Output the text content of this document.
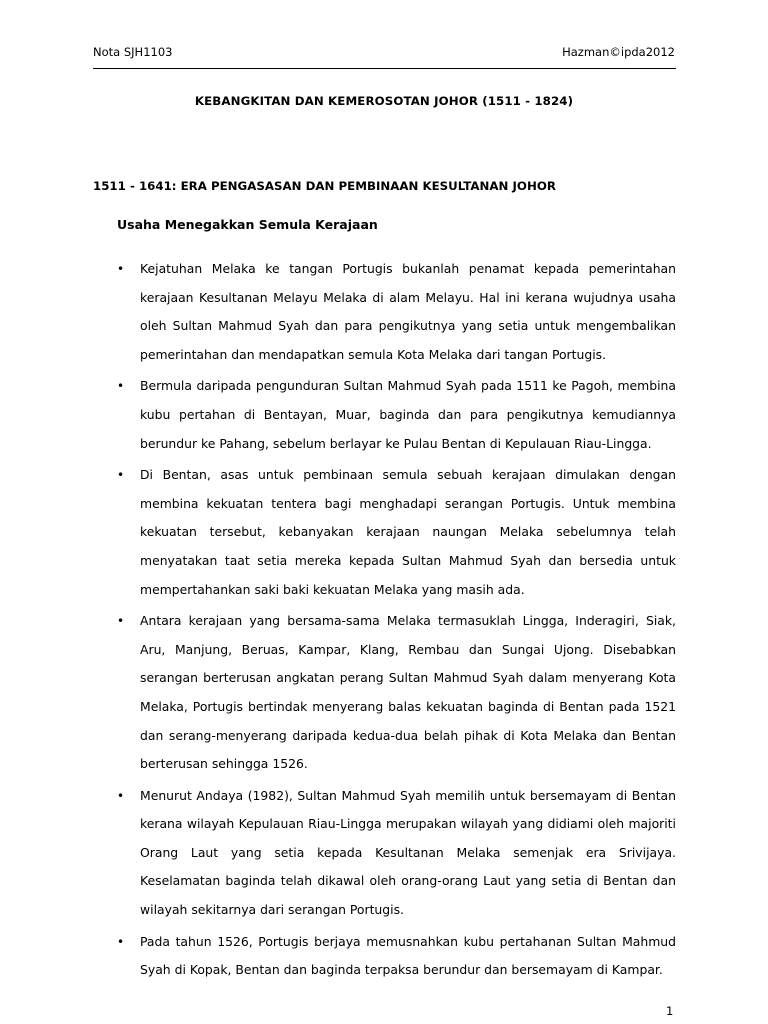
Nota SJH1103	Hazman©ipda2012
KEBANGKITAN DAN KEMEROSOTAN JOHOR (1511 - 1824)
1511 - 1641: ERA PENGASASAN DAN PEMBINAAN KESULTANAN JOHOR
Usaha Menegakkan Semula Kerajaan
• Kejatuhan Melaka ke tangan Portugis bukanlah penamat kepada pemerintahan kerajaan Kesultanan Melayu Melaka di alam Melayu. Hal ini kerana wujudnya usaha oleh Sultan Mahmud Syah dan para pengikutnya yang setia untuk mengembalikan pemerintahan dan mendapatkan semula Kota Melaka dari tangan Portugis.
• Bermula daripada pengunduran Sultan Mahmud Syah pada 1511 ke Pagoh, membina kubu pertahan di Bentayan, Muar, baginda dan para pengikutnya kemudiannya berundur ke Pahang, sebelum berlayar ke Pulau Bentan di Kepulauan Riau-Lingga.
• Di Bentan, asas untuk pembinaan semula sebuah kerajaan dimulakan dengan membina kekuatan tentera bagi menghadapi serangan Portugis. Untuk membina kekuatan tersebut, kebanyakan kerajaan naungan Melaka sebelumnya telah menyatakan taat setia mereka kepada Sultan Mahmud Syah dan bersedia untuk mempertahankan saki baki kekuatan Melaka yang masih ada.
• Antara kerajaan yang bersama-sama Melaka termasuklah Lingga, Inderagiri, Siak, Aru, Manjung, Beruas, Kampar, Klang, Rembau dan Sungai Ujong. Disebabkan serangan berterusan angkatan perang Sultan Mahmud Syah dalam menyerang Kota Melaka, Portugis bertindak menyerang balas kekuatan baginda di Bentan pada 1521 dan serang-menyerang daripada kedua-dua belah pihak di Kota Melaka dan Bentan berterusan sehingga 1526.
• Menurut Andaya (1982), Sultan Mahmud Syah memilih untuk bersemayam di Bentan kerana wilayah Kepulauan Riau-Lingga merupakan wilayah yang didiami oleh majoriti Orang Laut yang setia kepada Kesultanan Melaka semenjak era Srivijaya. Keselamatan baginda telah dikawal oleh orang-orang Laut yang setia di Bentan dan wilayah sekitarnya dari serangan Portugis.
• Pada tahun 1526, Portugis berjaya memusnahkan kubu pertahanan Sultan Mahmud Syah di Kopak, Bentan dan baginda terpaksa berundur dan bersemayam di Kampar.
1
